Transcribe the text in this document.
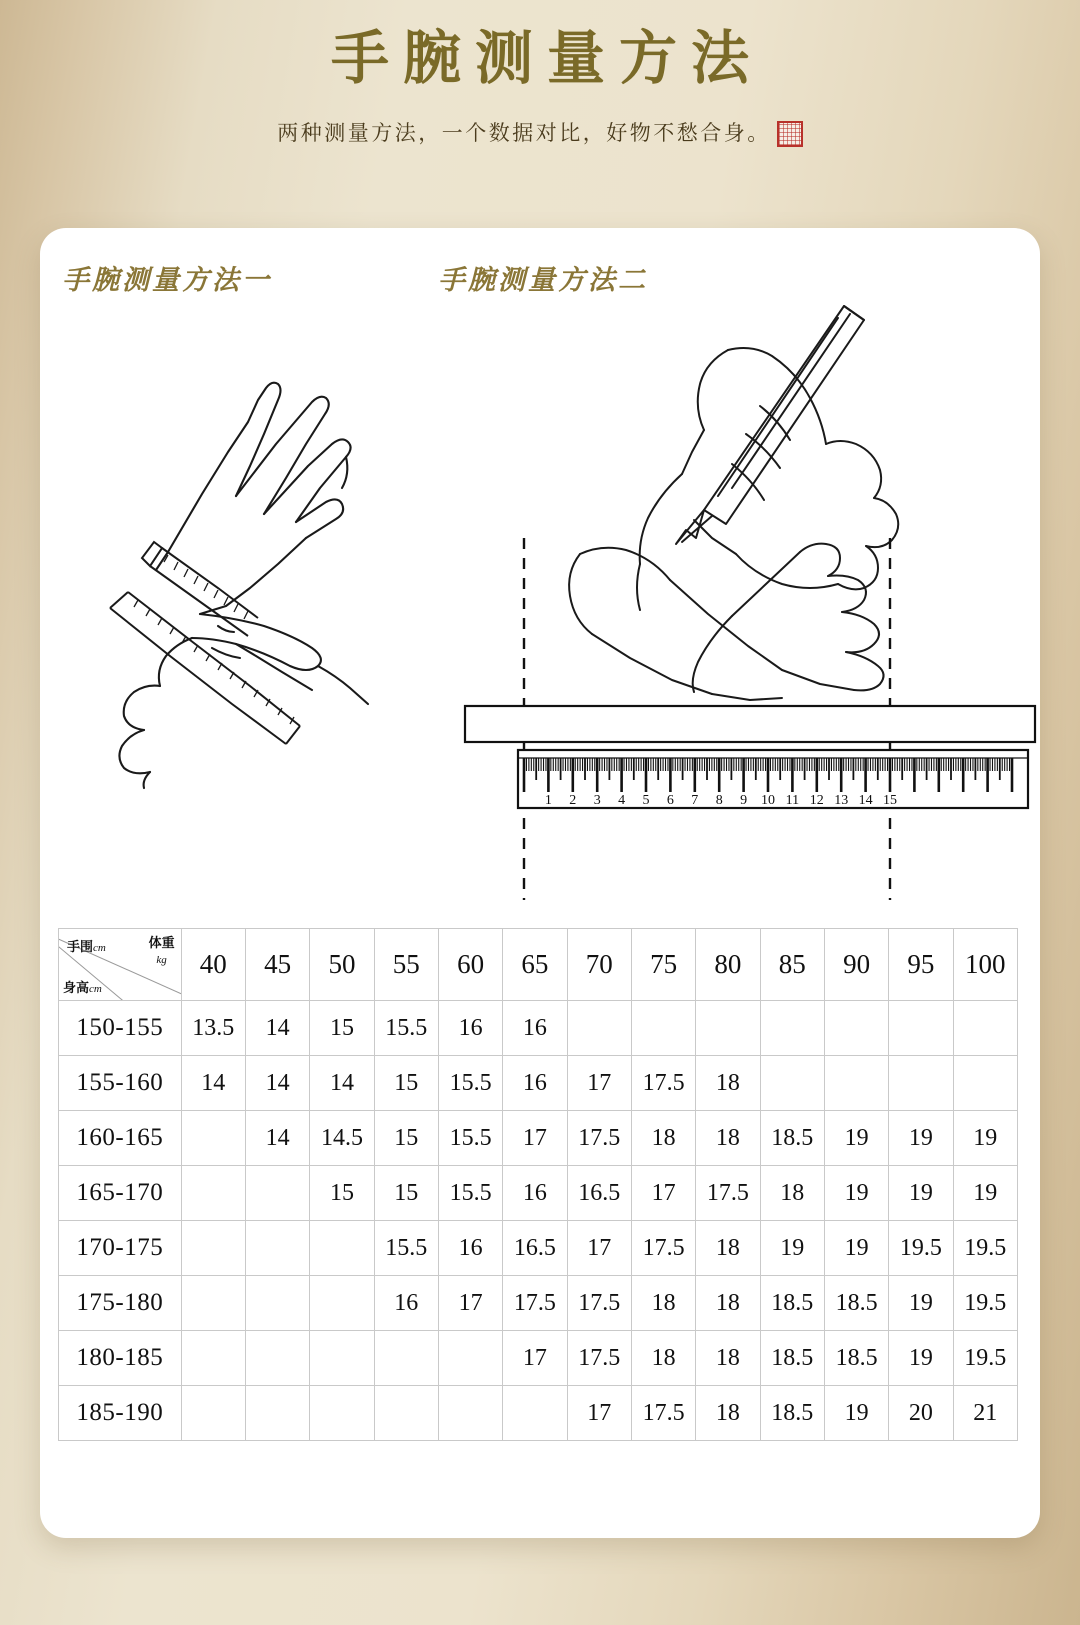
手腕测量方法
两种测量方法，一个数据对比，好物不愁合身。
手腕测量方法一	手腕测量方法二
1 2 3 4 5 6 7 8 9 10 11 12 13 14 15
手围cm 体重
kg
身高cm	40	45	50	55	60	65	70	75	80	85	90	95	100
150-155	13.5	14	15	15.5	16	16							
155-160	14	14	14	15	15.5	16	17	17.5	18				
160-165		14	14.5	15	15.5	17	17.5	18	18	18.5	19	19	19
165-170			15	15	15.5	16	16.5	17	17.5	18	19	19	19
170-175				15.5	16	16.5	17	17.5	18	19	19	19.5	19.5
175-180				16	17	17.5	17.5	18	18	18.5	18.5	19	19.5
180-185						17	17.5	18	18	18.5	18.5	19	19.5
185-190							17	17.5	18	18.5	19	20	21
